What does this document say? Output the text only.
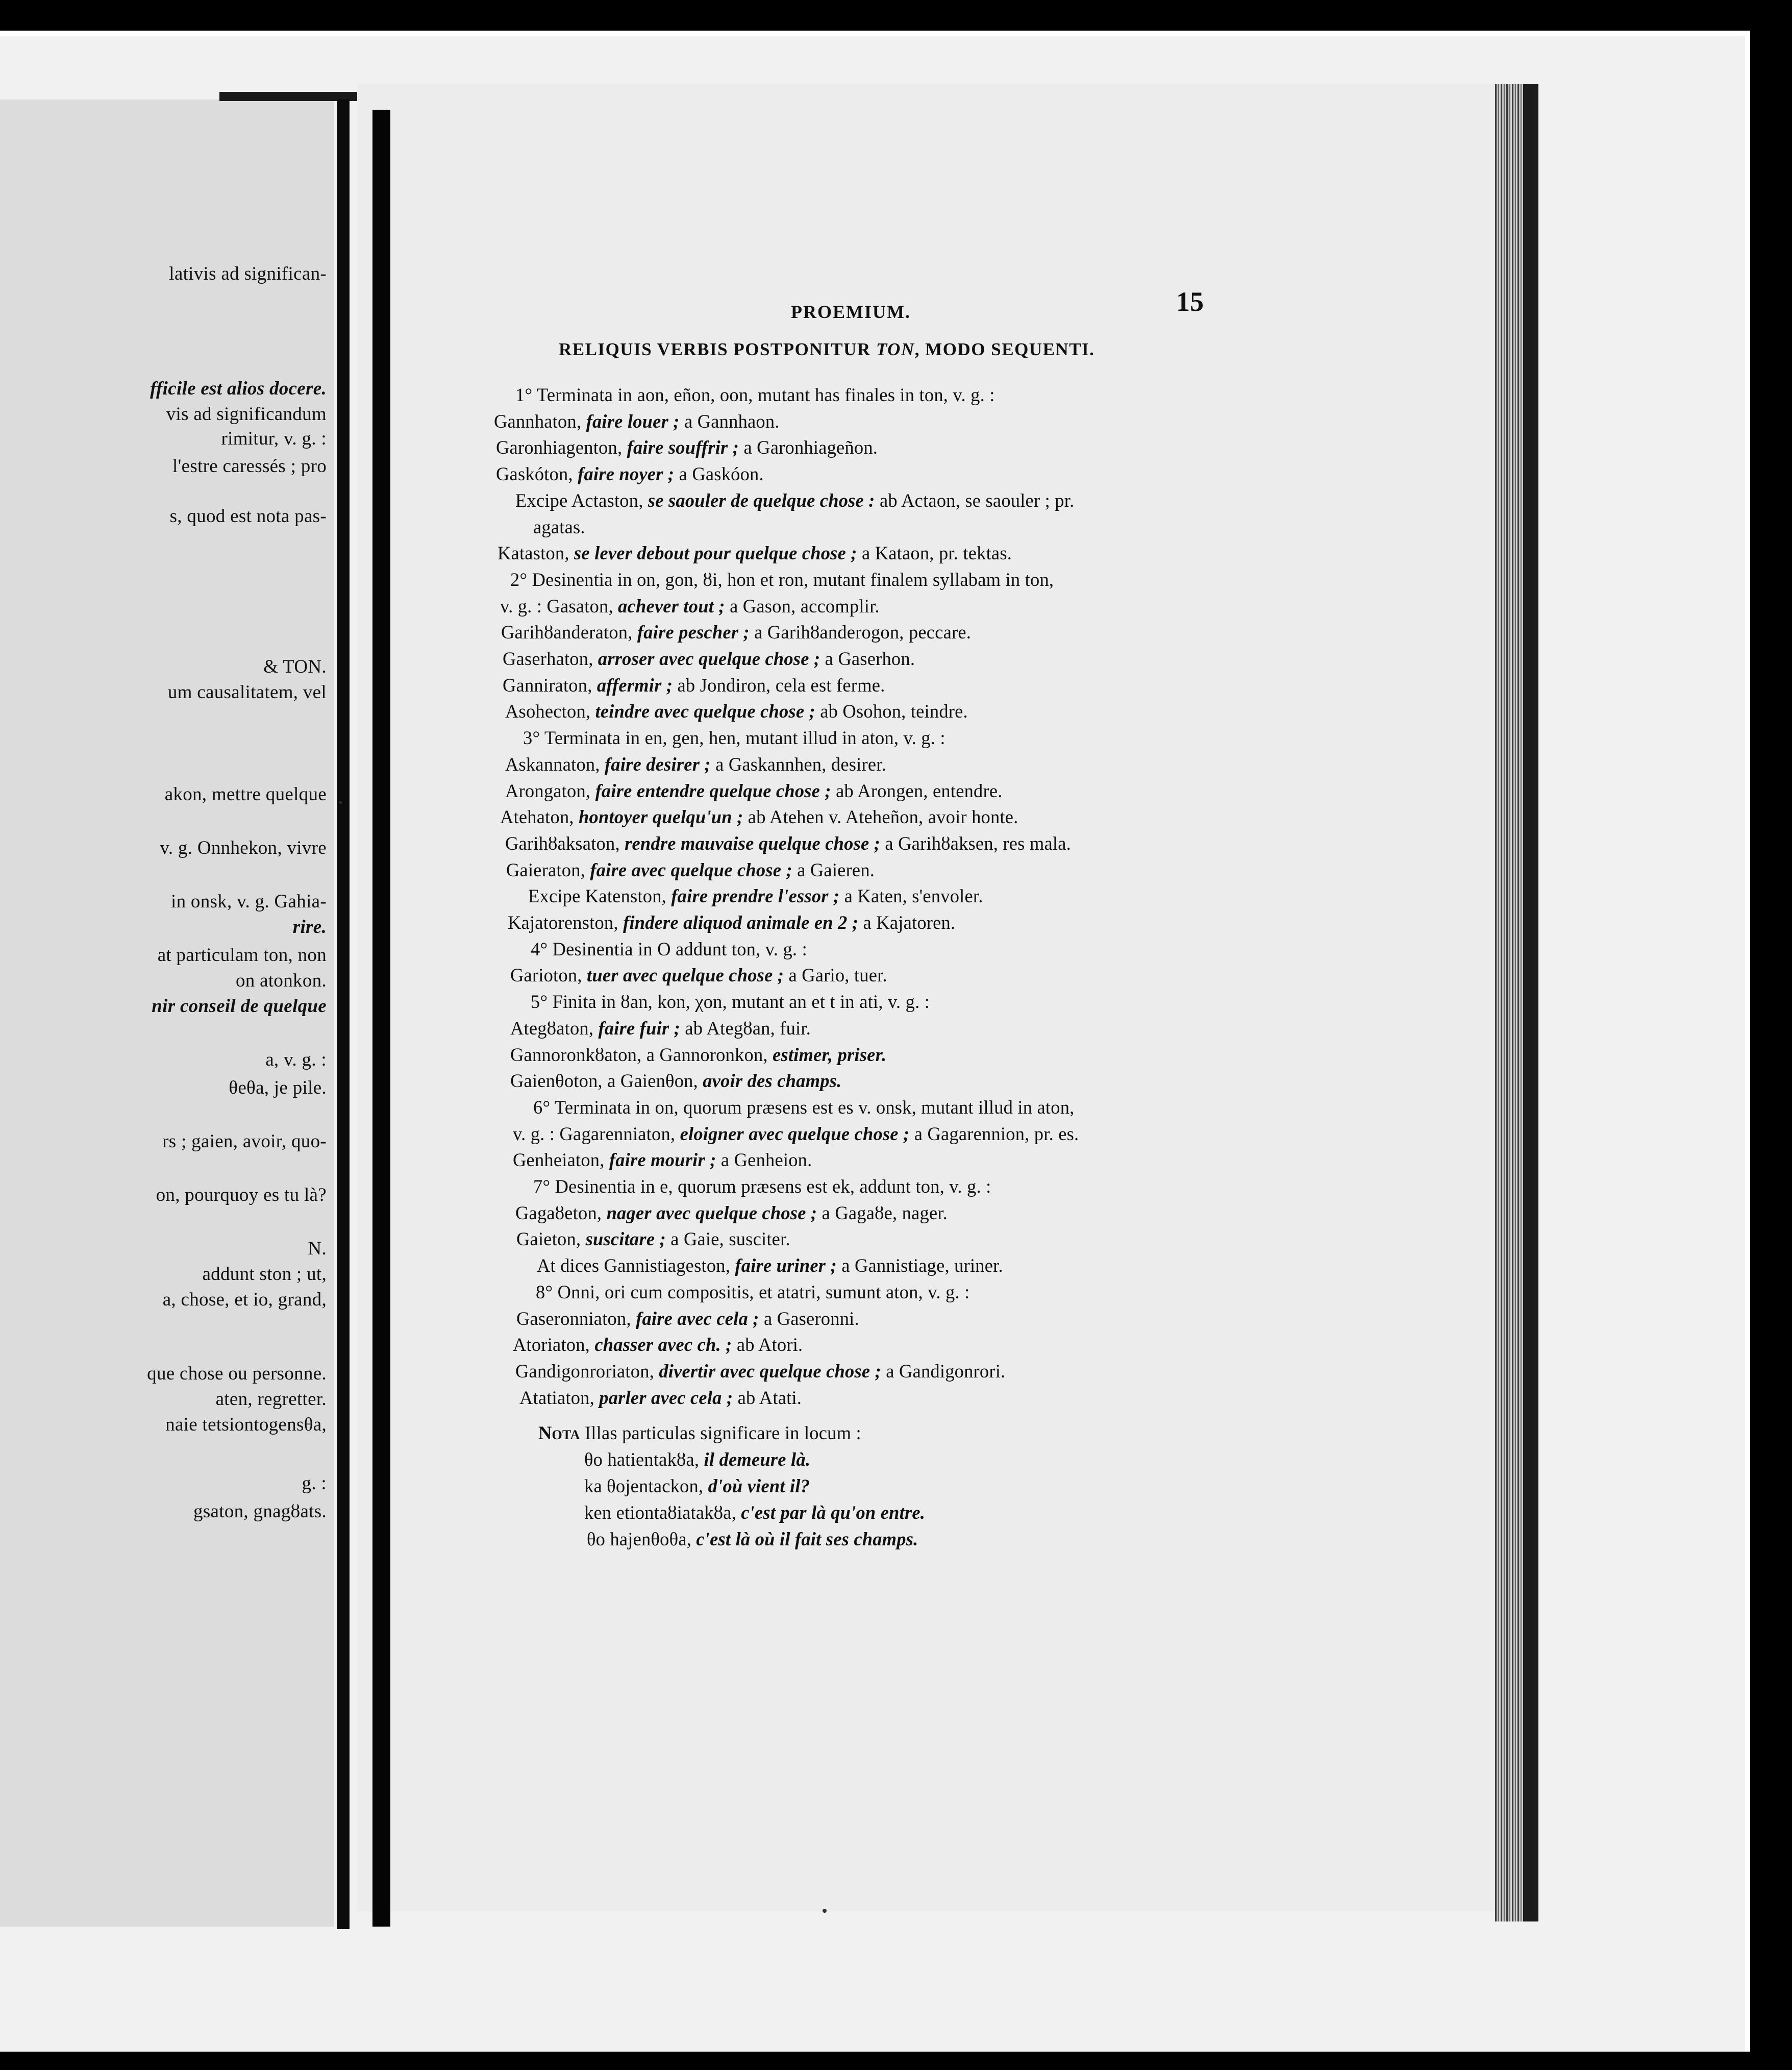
lativis ad significan-
fficile est alios docere.
vis ad significandum
rimitur, v. g. :
l'estre caressés ; pro
s, quod est nota pas-
& TON.
um causalitatem, vel
akon, mettre quelque
v. g. Onnhekon, vivre
in onsk, v. g. Gahia-
rire.
at particulam ton, non
on atonkon.
nir conseil de quelque
a, v. g. :
θeθa, je pile.
rs ; gaien, avoir, quo-
on, pourquoy es tu là?
N.
addunt ston ; ut,
a, chose, et io, grand,
que chose ou personne.
aten, regretter.
naie tetsiontogensθa,
g. :
gsaton, gnagȣats.
PROEMIUM.	15
RELIQUIS VERBIS POSTPONITUR TON, MODO SEQUENTI.
1° Terminata in aon, eñon, oon, mutant has finales in ton, v. g. :
Gannhaton, faire louer ; a Gannhaon.
Garonhiagenton, faire souffrir ; a Garonhiageñon.
Gaskóton, faire noyer ; a Gaskóon.
Excipe Actaston, se saouler de quelque chose : ab Actaon, se saouler ; pr.
agatas.
Kataston, se lever debout pour quelque chose ; a Kataon, pr. tektas.
2° Desinentia in on, gon, ȣi, hon et ron, mutant finalem syllabam in ton,
v. g. : Gasaton, achever tout ; a Gason, accomplir.
Garihȣanderaton, faire pescher ; a Garihȣanderogon, peccare.
Gaserhaton, arroser avec quelque chose ; a Gaserhon.
Ganniraton, affermir ; ab Jondiron, cela est ferme.
Asohecton, teindre avec quelque chose ; ab Osohon, teindre.
3° Terminata in en, gen, hen, mutant illud in aton, v. g. :
Askannaton, faire desirer ; a Gaskannhen, desirer.
Arongaton, faire entendre quelque chose ; ab Arongen, entendre.
Atehaton, hontoyer quelqu'un ; ab Atehen v. Ateheñon, avoir honte.
Garihȣaksaton, rendre mauvaise quelque chose ; a Garihȣaksen, res mala.
Gaieraton, faire avec quelque chose ; a Gaieren.
Excipe Katenston, faire prendre l'essor ; a Katen, s'envoler.
Kajatorenston, findere aliquod animale en 2 ; a Kajatoren.
4° Desinentia in O addunt ton, v. g. :
Garioton, tuer avec quelque chose ; a Gario, tuer.
5° Finita in ȣan, kon, χon, mutant an et t in ati, v. g. :
Ategȣaton, faire fuir ; ab Ategȣan, fuir.
Gannoronkȣaton, a Gannoronkon, estimer, priser.
Gaienθoton, a Gaienθon, avoir des champs.
6° Terminata in on, quorum præsens est es v. onsk, mutant illud in aton,
v. g. : Gagarenniaton, eloigner avec quelque chose ; a Gagarennion, pr. es.
Genheiaton, faire mourir ; a Genheion.
7° Desinentia in e, quorum præsens est ek, addunt ton, v. g. :
Gagaȣeton, nager avec quelque chose ; a Gagaȣe, nager.
Gaieton, suscitare ; a Gaie, susciter.
At dices Gannistiageston, faire uriner ; a Gannistiage, uriner.
8° Onni, ori cum compositis, et atatri, sumunt aton, v. g. :
Gaseronniaton, faire avec cela ; a Gaseronni.
Atoriaton, chasser avec ch. ; ab Atori.
Gandigonroriaton, divertir avec quelque chose ; a Gandigonrori.
Atatiaton, parler avec cela ; ab Atati.
Nota Illas particulas significare in locum :
θo hatientakȣa, il demeure là.
ka θojentackon, d'où vient il?
ken etiontaȣiatakȣa, c'est par là qu'on entre.
θo hajenθoθa, c'est là où il fait ses champs.
